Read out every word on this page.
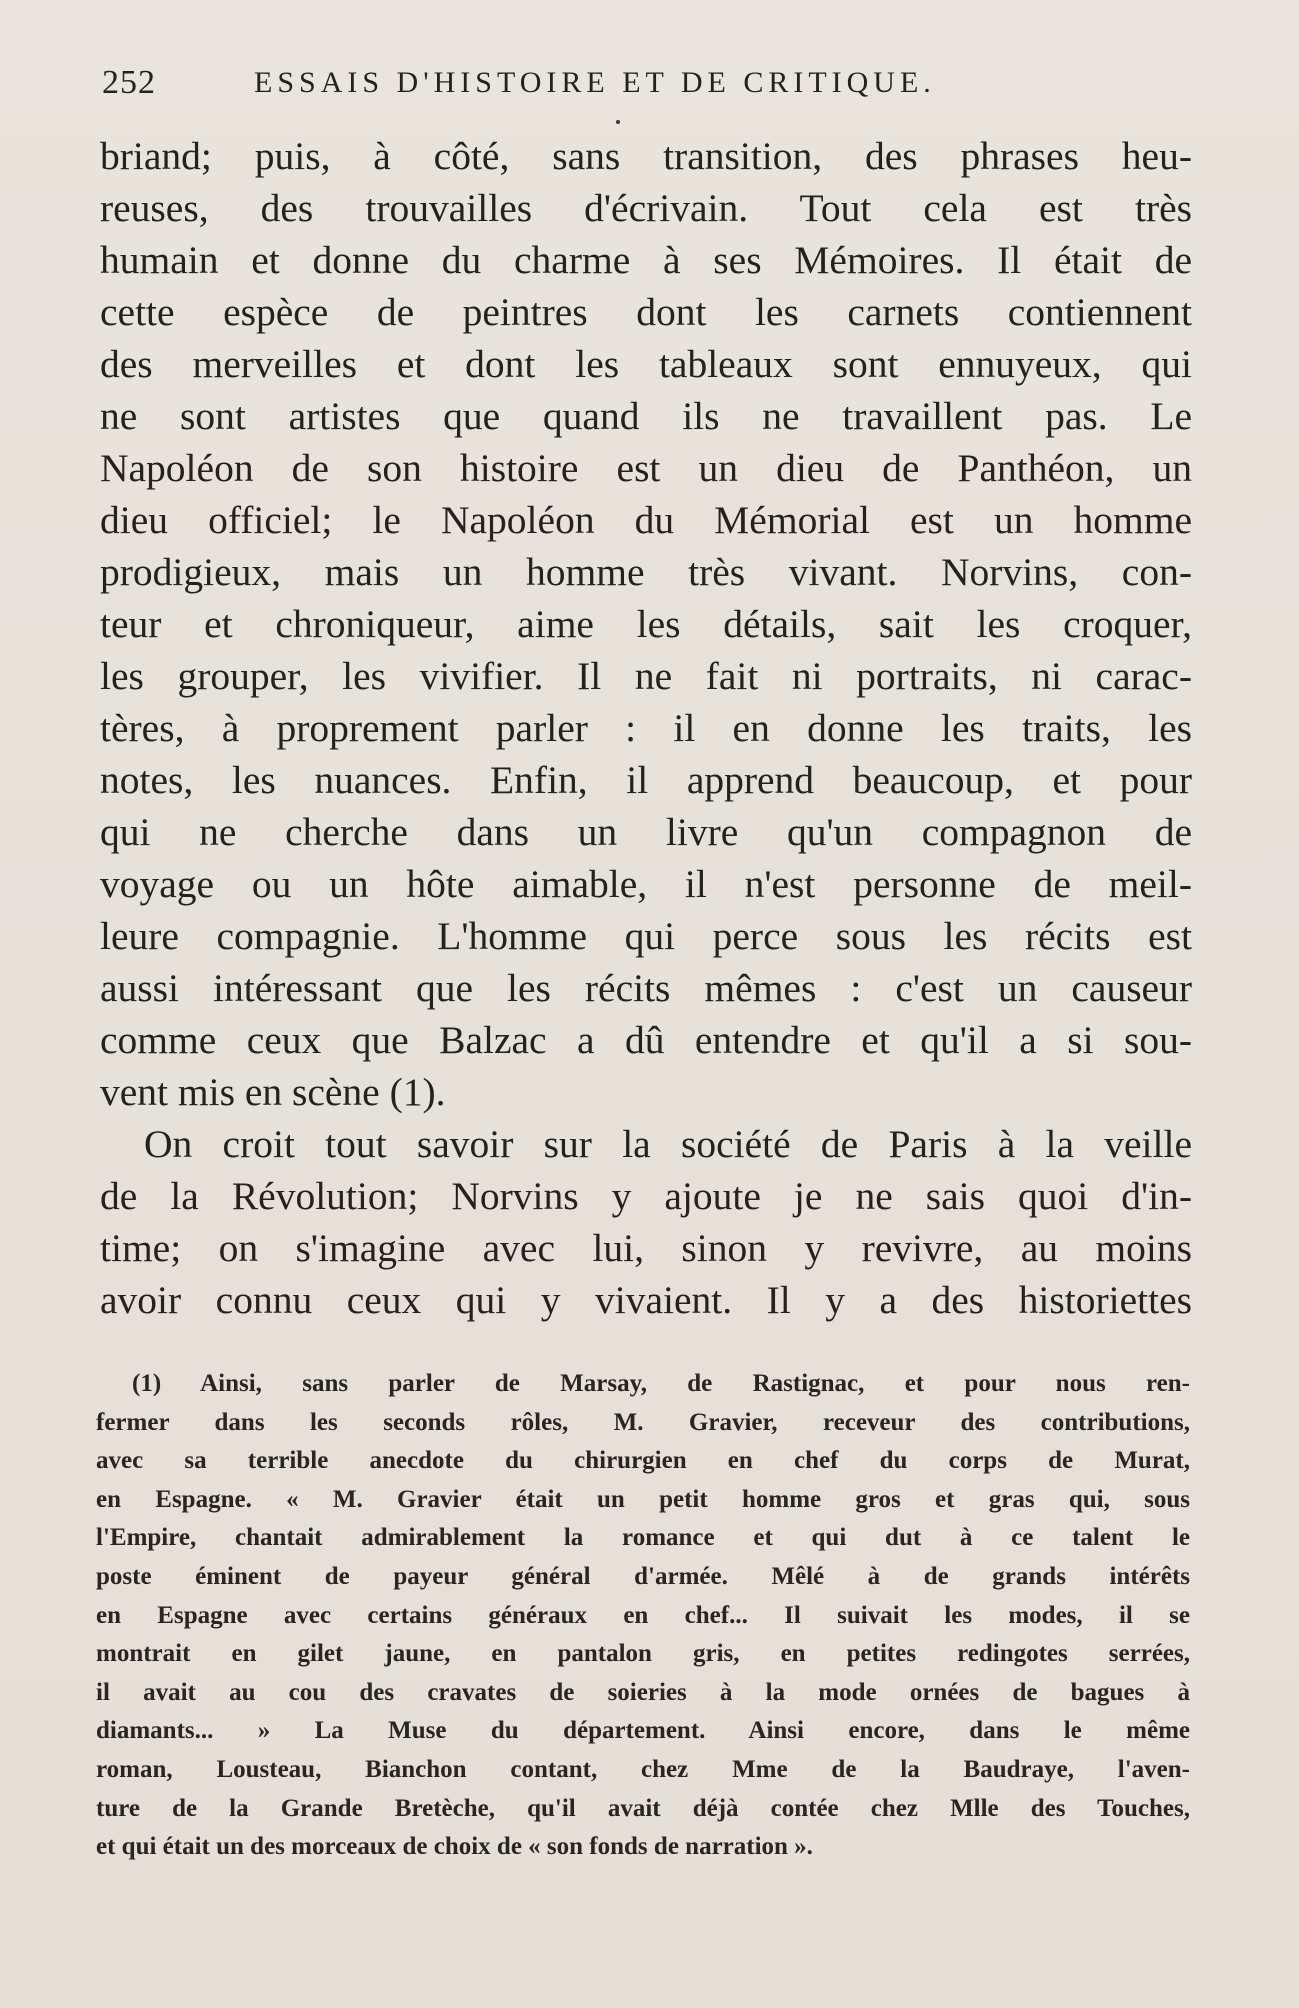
252	ESSAIS D'HISTOIRE ET DE CRITIQUE.
briand; puis, à côté, sans transition, des phrases heu-
reuses, des trouvailles d'écrivain. Tout cela est très
humain et donne du charme à ses Mémoires. Il était de
cette espèce de peintres dont les carnets contiennent
des merveilles et dont les tableaux sont ennuyeux, qui
ne sont artistes que quand ils ne travaillent pas. Le
Napoléon de son histoire est un dieu de Panthéon, un
dieu officiel; le Napoléon du Mémorial est un homme
prodigieux, mais un homme très vivant. Norvins, con-
teur et chroniqueur, aime les détails, sait les croquer,
les grouper, les vivifier. Il ne fait ni portraits, ni carac-
tères, à proprement parler : il en donne les traits, les
notes, les nuances. Enfin, il apprend beaucoup, et pour
qui ne cherche dans un livre qu'un compagnon de
voyage ou un hôte aimable, il n'est personne de meil-
leure compagnie. L'homme qui perce sous les récits est
aussi intéressant que les récits mêmes : c'est un causeur
comme ceux que Balzac a dû entendre et qu'il a si sou-
vent mis en scène (1).
On croit tout savoir sur la société de Paris à la veille
de la Révolution; Norvins y ajoute je ne sais quoi d'in-
time; on s'imagine avec lui, sinon y revivre, au moins
avoir connu ceux qui y vivaient. Il y a des historiettes
(1) Ainsi, sans parler de Marsay, de Rastignac, et pour nous ren-
fermer dans les seconds rôles, M. Gravier, receveur des contributions,
avec sa terrible anecdote du chirurgien en chef du corps de Murat,
en Espagne. « M. Gravier était un petit homme gros et gras qui, sous
l'Empire, chantait admirablement la romance et qui dut à ce talent le
poste éminent de payeur général d'armée. Mêlé à de grands intérêts
en Espagne avec certains généraux en chef... Il suivait les modes, il se
montrait en gilet jaune, en pantalon gris, en petites redingotes serrées,
il avait au cou des cravates de soieries à la mode ornées de bagues à
diamants... » La Muse du département. Ainsi encore, dans le même
roman, Lousteau, Bianchon contant, chez Mme de la Baudraye, l'aven-
ture de la Grande Bretèche, qu'il avait déjà contée chez Mlle des Touches,
et qui était un des morceaux de choix de « son fonds de narration ».
